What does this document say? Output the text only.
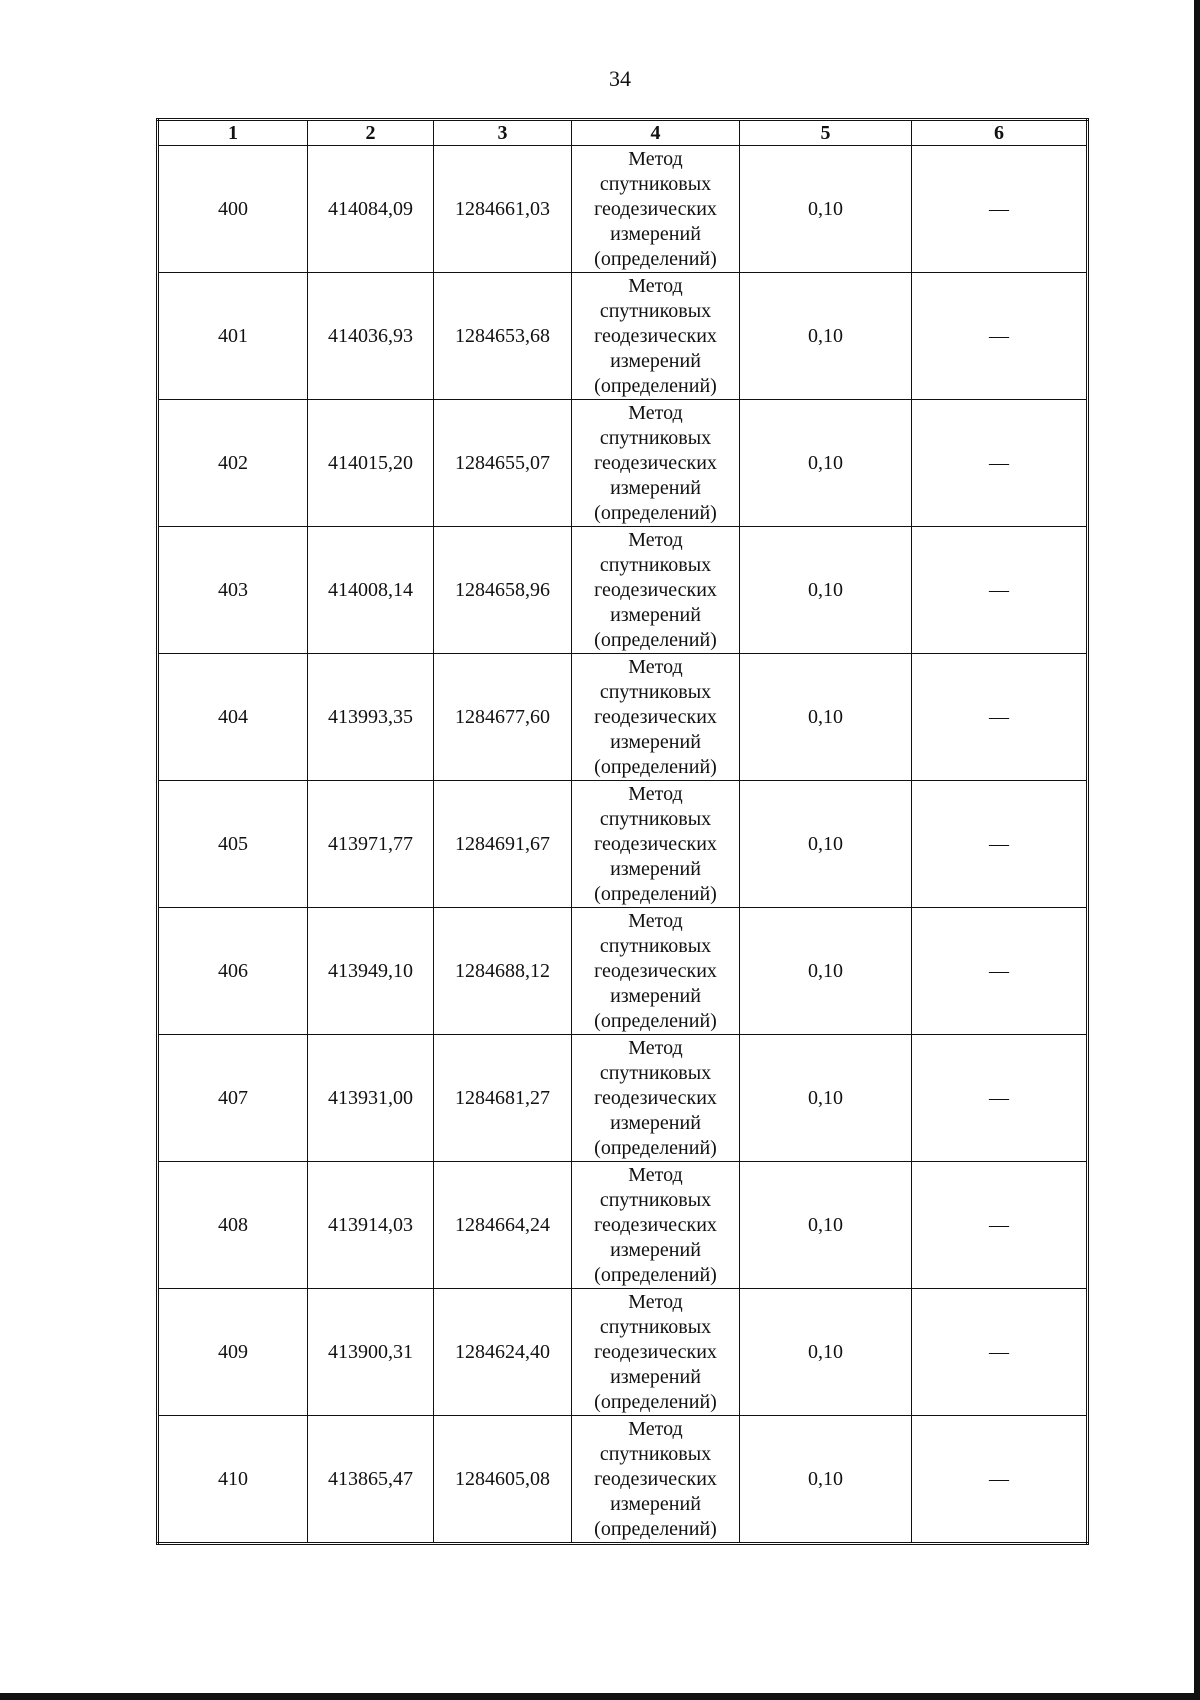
34
1	2	3	4	5	6
400	414084,09	1284661,03	Метод спутниковых геодезических измерений (определений)	0,10	—
401	414036,93	1284653,68	Метод спутниковых геодезических измерений (определений)	0,10	—
402	414015,20	1284655,07	Метод спутниковых геодезических измерений (определений)	0,10	—
403	414008,14	1284658,96	Метод спутниковых геодезических измерений (определений)	0,10	—
404	413993,35	1284677,60	Метод спутниковых геодезических измерений (определений)	0,10	—
405	413971,77	1284691,67	Метод спутниковых геодезических измерений (определений)	0,10	—
406	413949,10	1284688,12	Метод спутниковых геодезических измерений (определений)	0,10	—
407	413931,00	1284681,27	Метод спутниковых геодезических измерений (определений)	0,10	—
408	413914,03	1284664,24	Метод спутниковых геодезических измерений (определений)	0,10	—
409	413900,31	1284624,40	Метод спутниковых геодезических измерений (определений)	0,10	—
410	413865,47	1284605,08	Метод спутниковых геодезических измерений (определений)	0,10	—
